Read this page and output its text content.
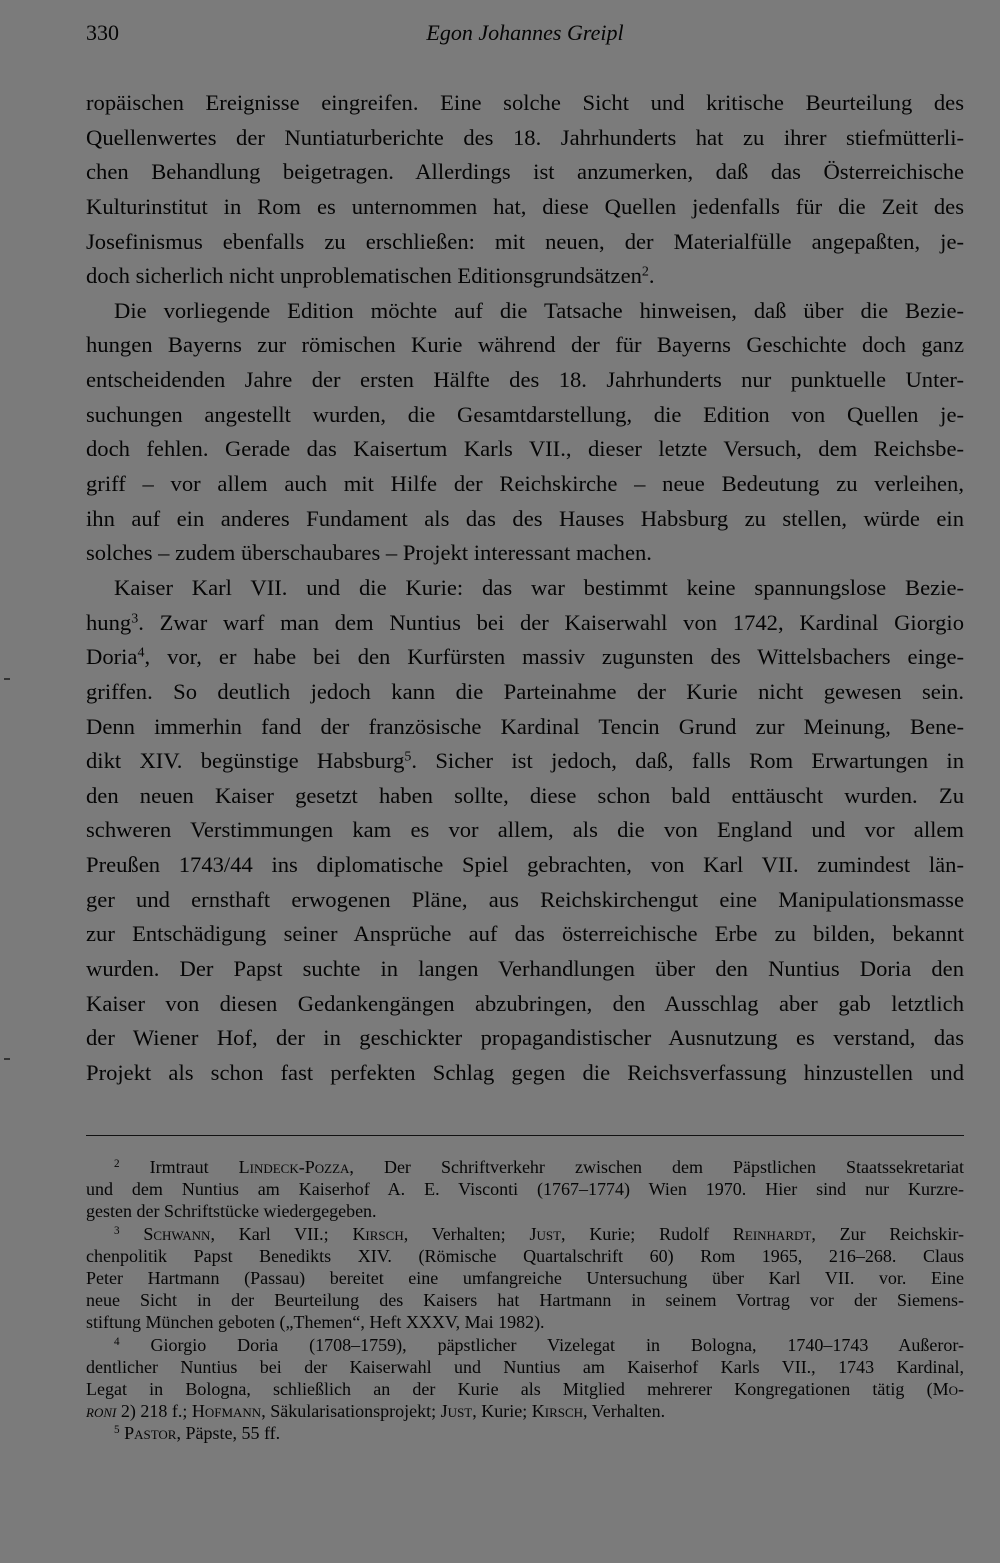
330	Egon Johannes Greipl
ropäischen Ereignisse eingreifen. Eine solche Sicht und kritische Beurteilung des
Quellenwertes der Nuntiaturberichte des 18. Jahrhunderts hat zu ihrer stiefmütterli-
chen Behandlung beigetragen. Allerdings ist anzumerken, daß das Österreichische
Kulturinstitut in Rom es unternommen hat, diese Quellen jedenfalls für die Zeit des
Josefinismus ebenfalls zu erschließen: mit neuen, der Materialfülle angepaßten, je-
doch sicherlich nicht unproblematischen Editionsgrundsätzen$^2$.
Die vorliegende Edition möchte auf die Tatsache hinweisen, daß über die Bezie-
hungen Bayerns zur römischen Kurie während der für Bayerns Geschichte doch ganz
entscheidenden Jahre der ersten Hälfte des 18. Jahrhunderts nur punktuelle Unter-
suchungen angestellt wurden, die Gesamtdarstellung, die Edition von Quellen je-
doch fehlen. Gerade das Kaisertum Karls VII., dieser letzte Versuch, dem Reichsbe-
griff – vor allem auch mit Hilfe der Reichskirche – neue Bedeutung zu verleihen,
ihn auf ein anderes Fundament als das des Hauses Habsburg zu stellen, würde ein
solches – zudem überschaubares – Projekt interessant machen.
Kaiser Karl VII. und die Kurie: das war bestimmt keine spannungslose Bezie-
hung$^3$. Zwar warf man dem Nuntius bei der Kaiserwahl von 1742, Kardinal Giorgio
Doria$^4$, vor, er habe bei den Kurfürsten massiv zugunsten des Wittelsbachers einge-
griffen. So deutlich jedoch kann die Parteinahme der Kurie nicht gewesen sein.
Denn immerhin fand der französische Kardinal Tencin Grund zur Meinung, Bene-
dikt XIV. begünstige Habsburg$^5$. Sicher ist jedoch, daß, falls Rom Erwartungen in
den neuen Kaiser gesetzt haben sollte, diese schon bald enttäuscht wurden. Zu
schweren Verstimmungen kam es vor allem, als die von England und vor allem
Preußen 1743/44 ins diplomatische Spiel gebrachten, von Karl VII. zumindest län-
ger und ernsthaft erwogenen Pläne, aus Reichskirchengut eine Manipulationsmasse
zur Entschädigung seiner Ansprüche auf das österreichische Erbe zu bilden, bekannt
wurden. Der Papst suchte in langen Verhandlungen über den Nuntius Doria den
Kaiser von diesen Gedankengängen abzubringen, den Ausschlag aber gab letztlich
der Wiener Hof, der in geschickter propagandistischer Ausnutzung es verstand, das
Projekt als schon fast perfekten Schlag gegen die Reichsverfassung hinzustellen und
$^2$ Irmtraut Lindeck-Pozza, Der Schriftverkehr zwischen dem Päpstlichen Staatssekretariat
und dem Nuntius am Kaiserhof A. E. Visconti (1767–1774) Wien 1970. Hier sind nur Kurzre-
gesten der Schriftstücke wiedergegeben.
$^3$ Schwann, Karl VII.; Kirsch, Verhalten; Just, Kurie; Rudolf Reinhardt, Zur Reichskir-
chenpolitik Papst Benedikts XIV. (Römische Quartalschrift 60) Rom 1965, 216–268. Claus
Peter Hartmann (Passau) bereitet eine umfangreiche Untersuchung über Karl VII. vor. Eine
neue Sicht in der Beurteilung des Kaisers hat Hartmann in seinem Vortrag vor der Siemens-
stiftung München geboten („Themen“, Heft XXXV, Mai 1982).
$^4$ Giorgio Doria (1708–1759), päpstlicher Vizelegat in Bologna, 1740–1743 Außeror-
dentlicher Nuntius bei der Kaiserwahl und Nuntius am Kaiserhof Karls VII., 1743 Kardinal,
Legat in Bologna, schließlich an der Kurie als Mitglied mehrerer Kongregationen tätig (Mo-
roni 2) 218 f.; Hofmann, Säkularisationsprojekt; Just, Kurie; Kirsch, Verhalten.
$^5$ Pastor, Päpste, 55 ff.
